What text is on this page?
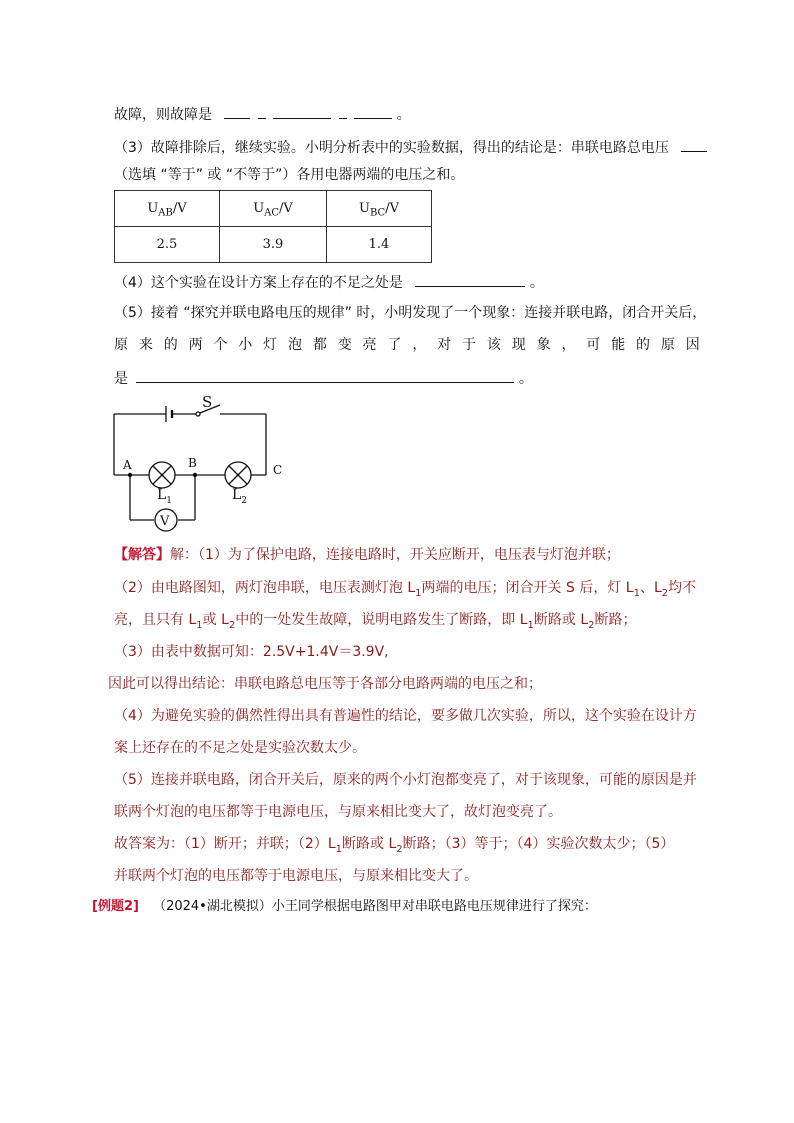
故障，则故障是	。
（3）故障排除后，继续实验。小明分析表中的实验数据，得出的结论是：串联电路总电压
（选填 “等于” 或 “不等于”）各用电器两端的电压之和。
$U_{AB}/V$	$U_{AC}/V$	$U_{BC}/V$
2.5	3.9	1.4
（4）这个实验在设计方案上存在的不足之处是	。
（5）接着 “探究并联电路电压的规律” 时，小明发现了一个现象：连接并联电路，闭合开关后，
原 来 的 两 个 小 灯 泡 都 变 亮 了 ， 对 于 该 现 象 ， 可 能 的 原 因
是	。
S
A	B	C
$L_1$	$L_2$
V
【解答】解：（1）为了保护电路，连接电路时，开关应断开，电压表与灯泡并联；
（2）由电路图知，两灯泡串联，电压表测灯泡 $L_1$两端的电压；闭合开关 S 后，灯 $L_1$、$L_2$均不
亮，且只有 $L_1$或 $L_2$中的一处发生故障，说明电路发生了断路，即 $L_1$断路或 $L_2$断路；
（3）由表中数据可知：2.5V+1.4V＝3.9V,
因此可以得出结论：串联电路总电压等于各部分电路两端的电压之和；
（4）为避免实验的偶然性得出具有普遍性的结论，要多做几次实验，所以，这个实验在设计方
案上还存在的不足之处是实验次数太少。
（5）连接并联电路，闭合开关后，原来的两个小灯泡都变亮了，对于该现象，可能的原因是并
联两个灯泡的电压都等于电源电压，与原来相比变大了，故灯泡变亮了。
故答案为：（1）断开；并联；$(2)L_1$断路或 $L_2$断路；（3）等于；（4）实验次数太少；（5）
并联两个灯泡的电压都等于电源电压，与原来相比变大了。
[例题2] （2024•湖北模拟）小王同学根据电路图甲对串联电路电压规律进行了探究：
